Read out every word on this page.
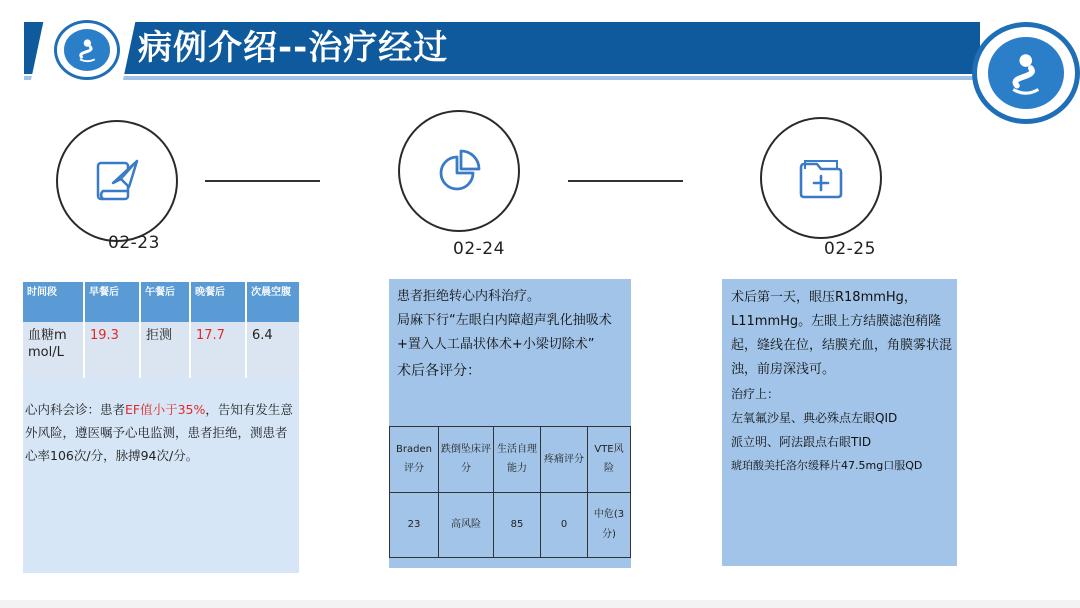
病例介绍--治疗经过
02-23	02-24	02-25
时间段	早餐后	午餐后	晚餐后	次晨空腹
血糖mmol/L	19.3	拒测	17.7	6.4
心内科会诊：患者EF值小于35%，告知有发生意外风险，遵医嘱予心电监测，患者拒绝，测患者心率106次/分，脉搏94次/分。
患者拒绝转心内科治疗。
局麻下行“左眼白内障超声乳化抽吸术+置入人工晶状体术+小梁切除术”
术后各评分：
Braden评分	跌倒坠床评分	生活自理能力	疼痛评分	VTE风险
23	高风险	85	0	中危(3分)

术后第一天，眼压R18mmHg，L11mmHg。左眼上方结膜滤泡稍隆起，缝线在位，结膜充血，角膜雾状混浊，前房深浅可。

治疗上：

左氧氟沙星、典必殊点左眼QID

派立明、阿法跟点右眼TID

琥珀酸美托洛尔缓释片47.5mg口服QD
